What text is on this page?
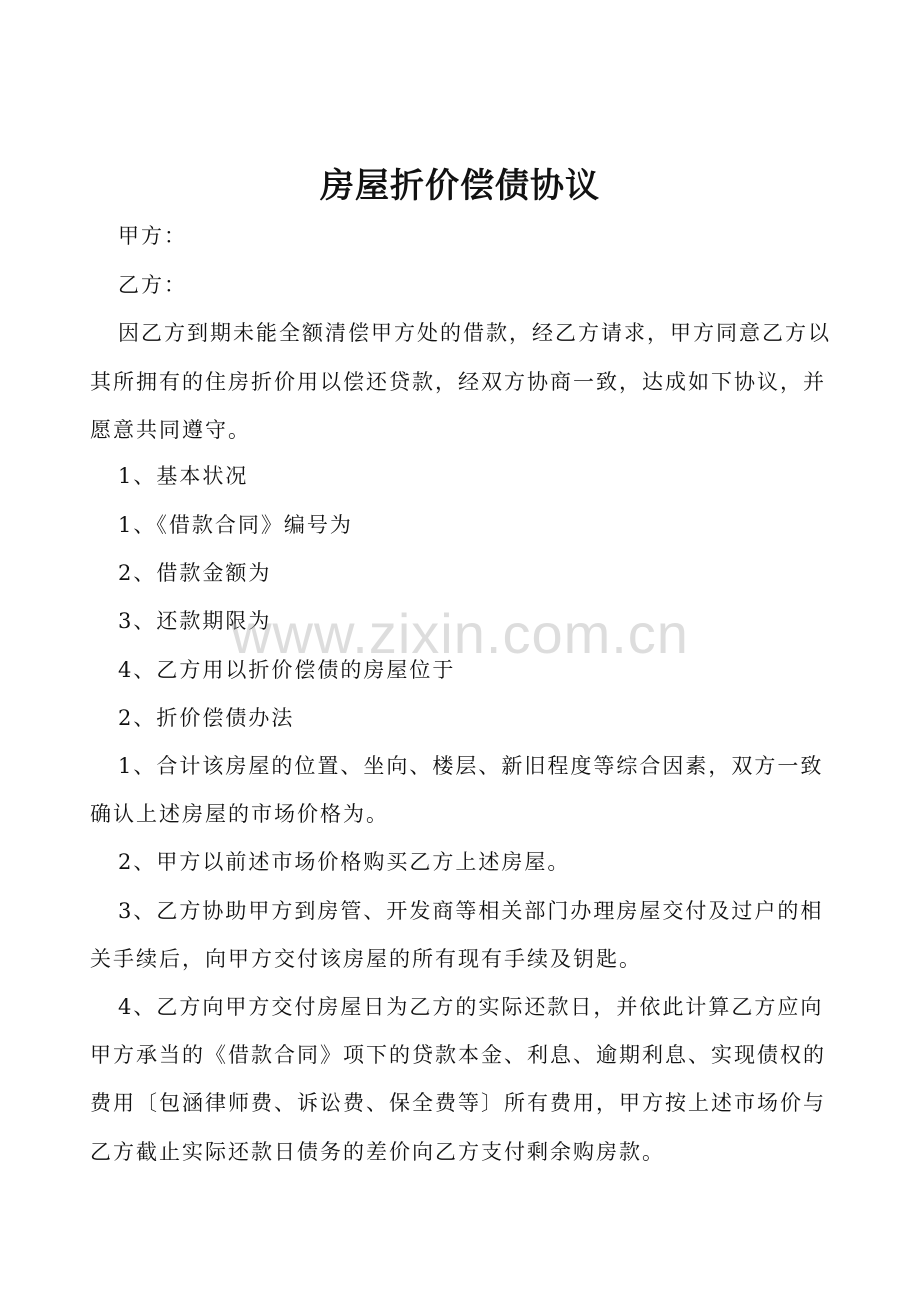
房屋折价偿债协议
甲方：
乙方：
因乙方到期未能全额清偿甲方处的借款，经乙方请求，甲方同意乙方以
其所拥有的住房折价用以偿还贷款，经双方协商一致，达成如下协议，并
愿意共同遵守。
1、基本状况
1、《借款合同》编号为
2、借款金额为
3、还款期限为
4、乙方用以折价偿债的房屋位于
2、折价偿债办法
1、合计该房屋的位置、坐向、楼层、新旧程度等综合因素，双方一致
确认上述房屋的市场价格为。
2、甲方以前述市场价格购买乙方上述房屋。
3、乙方协助甲方到房管、开发商等相关部门办理房屋交付及过户的相
关手续后，向甲方交付该房屋的所有现有手续及钥匙。
4、乙方向甲方交付房屋日为乙方的实际还款日，并依此计算乙方应向
甲方承当的《借款合同》项下的贷款本金、利息、逾期利息、实现债权的
费用〔包涵律师费、诉讼费、保全费等〕所有费用，甲方按上述市场价与
乙方截止实际还款日债务的差价向乙方支付剩余购房款。
www.zixin.com.cn
